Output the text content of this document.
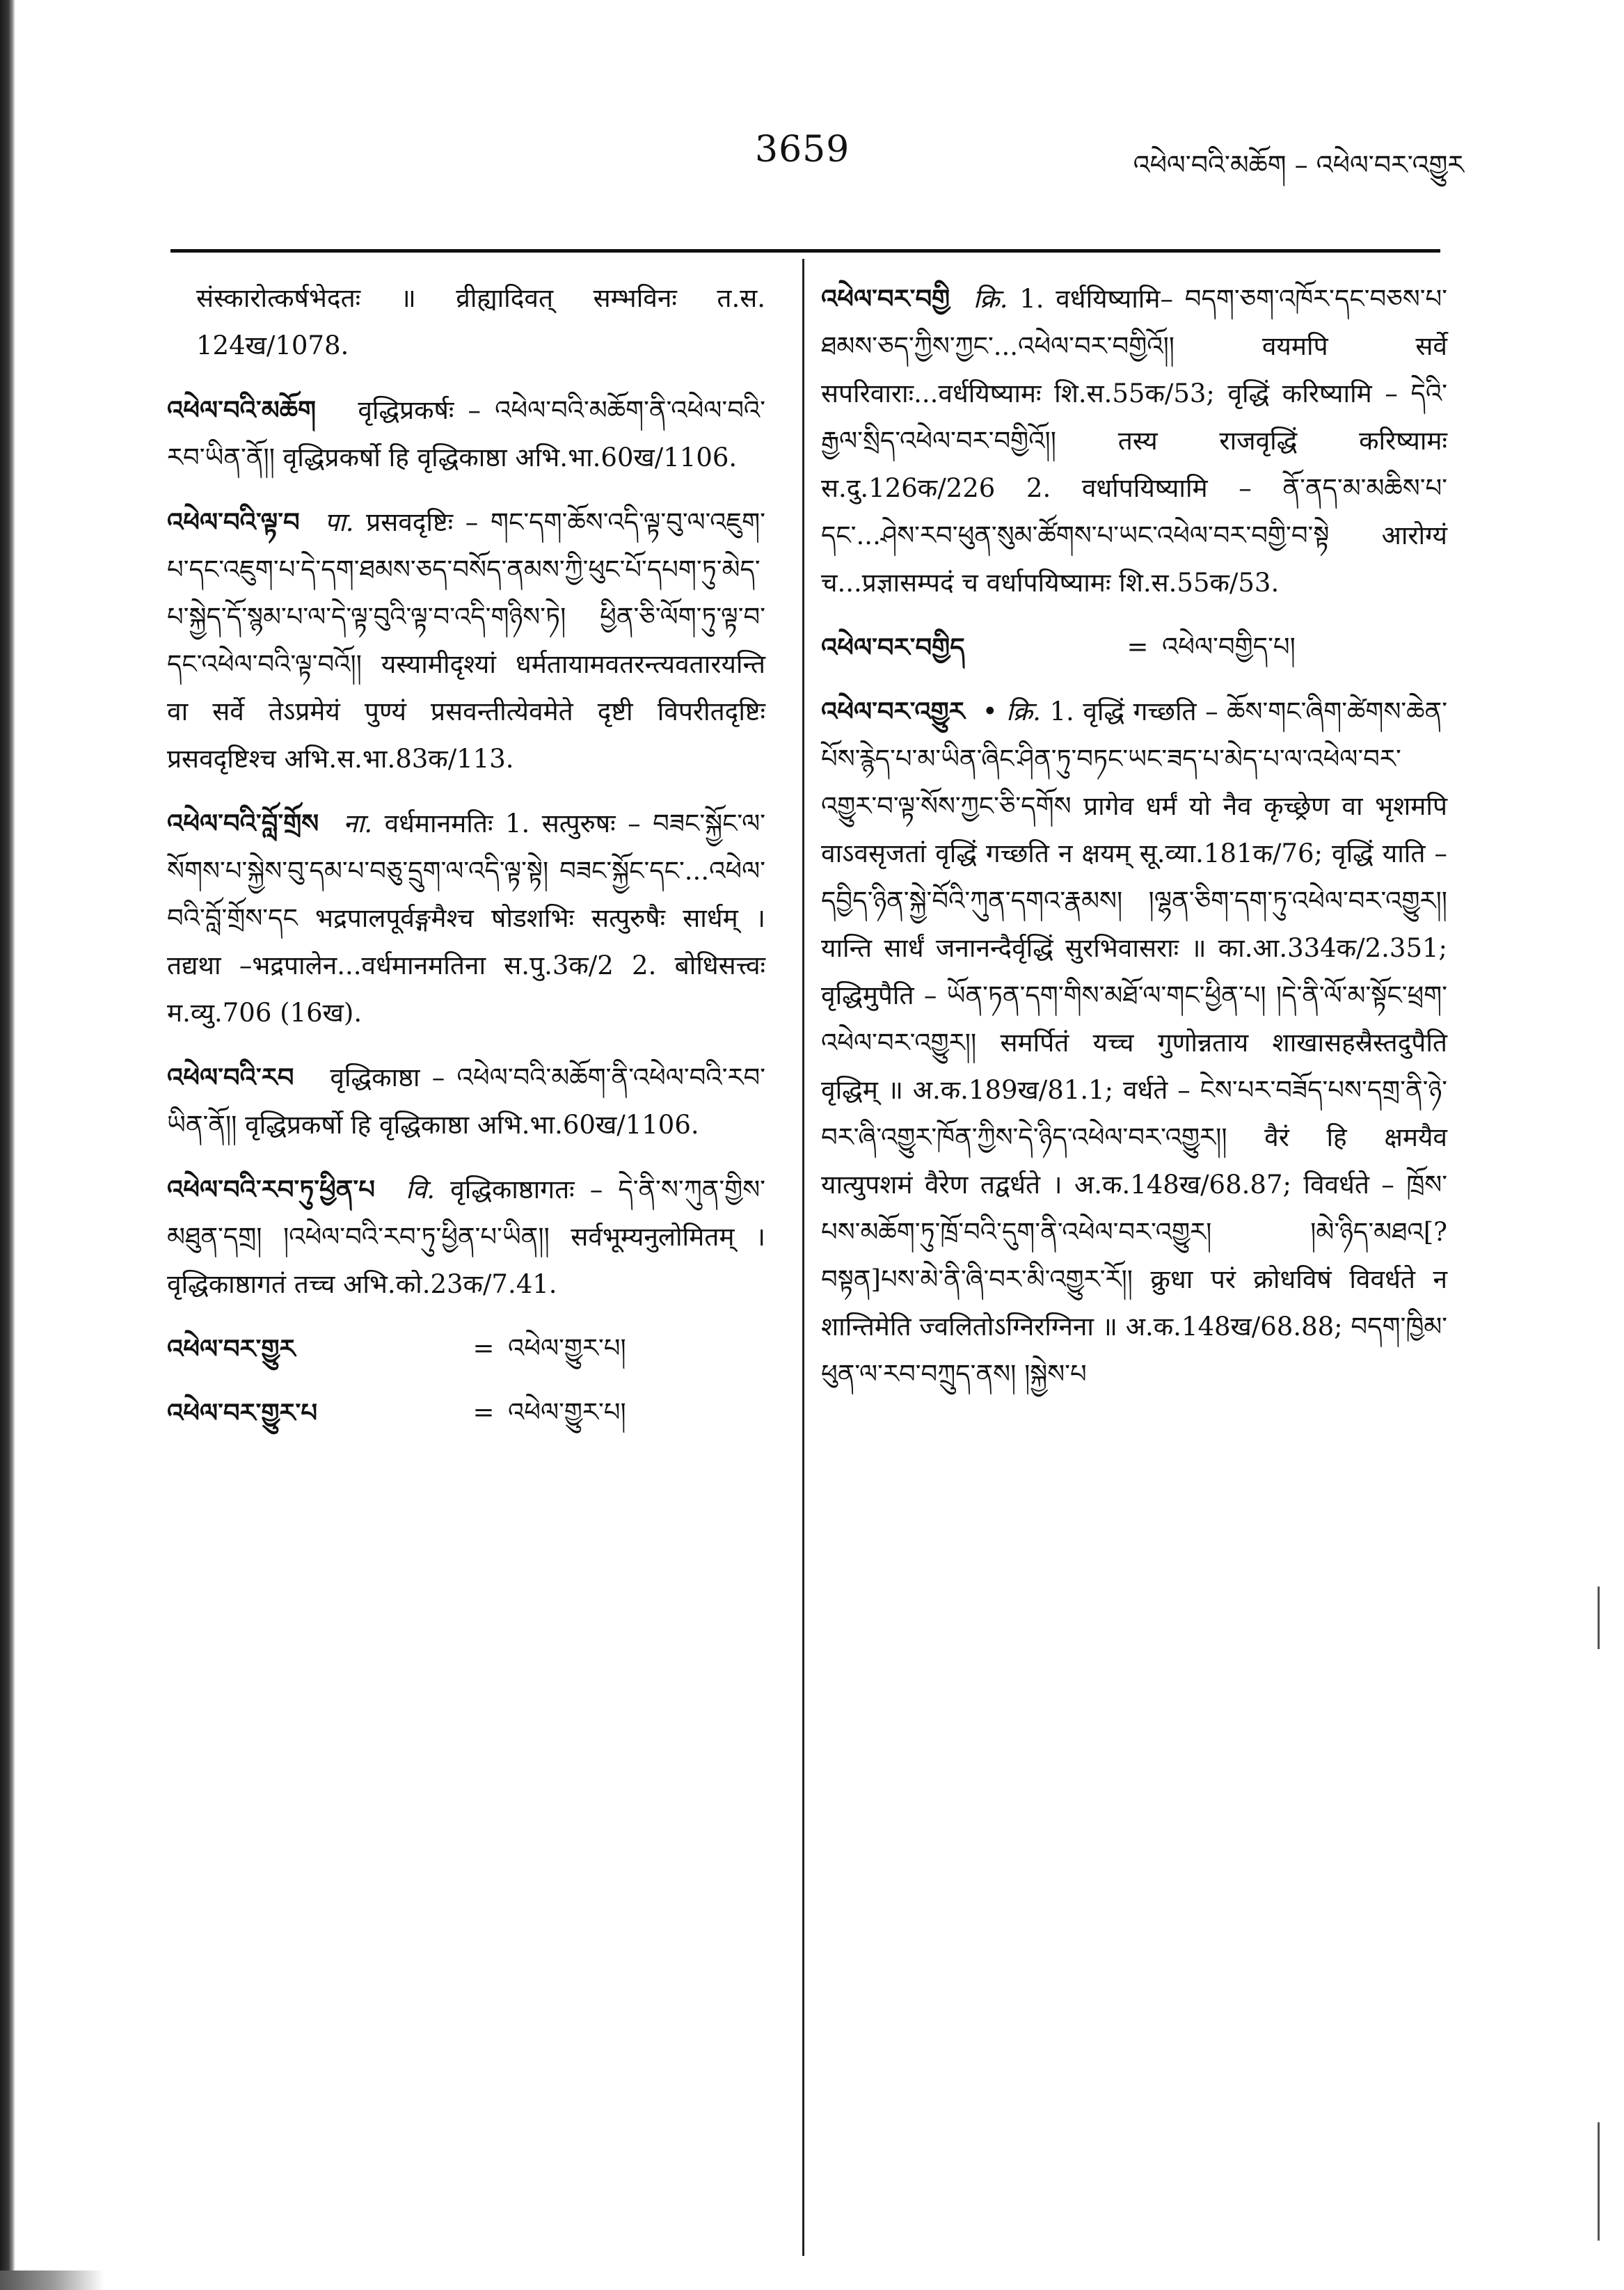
3659	འཕེལ་བའི་མཆོག – འཕེལ་བར་འགྱུར

संस्कारोत्कर्षभेदतः ॥ व्रीह्यादिवत् सम्भविनः त.स. 124ख/1078.

འཕེལ་བའི་མཆོག वृद्धिप्रकर्षः – འཕེལ་བའི་མཆོག་ནི་འཕེལ་བའི་རབ་ཡིན་ནོ།། वृद्धिप्रकर्षो हि वृद्धिकाष्ठा अभि.भा.60ख/1106.

འཕེལ་བའི་ལྟ་བ पा. प्रसवदृष्टिः – གང་དག་ཆོས་འདི་ལྟ་བུ་ལ་འཇུག་པ་དང་འཇུག་པ་དེ་དག་ཐམས་ཅད་བསོད་ནམས་ཀྱི་ཕུང་པོ་དཔག་ཏུ་མེད་པ་སྐྱེད་དོ་སྙམ་པ་ལ་དེ་ལྟ་བུའི་ལྟ་བ་འདི་གཉིས་ཏེ། ཕྱིན་ཅི་ལོག་ཏུ་ལྟ་བ་དང་འཕེལ་བའི་ལྟ་བའོ།། यस्यामीदृश्यां धर्मतायामवतरन्त्यवतारयन्ति वा सर्वे तेऽप्रमेयं पुण्यं प्रसवन्तीत्येवमेते दृष्टी विपरीतदृष्टिः प्रसवदृष्टिश्च अभि.स.भा.83क/113.

འཕེལ་བའི་བློ་གྲོས ना. वर्धमानमतिः 1. सत्पुरुषः – བཟང་སྐྱོང་ལ་སོགས་པ་སྐྱེས་བུ་དམ་པ་བཅུ་དྲུག་ལ་འདི་ལྟ་སྟེ། བཟང་སྐྱོང་དང་...འཕེལ་བའི་བློ་གྲོས་དང भद्रपालपूर्वङ्गमैश्च षोडशभिः सत्पुरुषैः सार्धम् । तद्यथा –भद्रपालेन...वर्धमानमतिना स.पु.3क/2 2. बोधिसत्त्वः म.व्यु.706 (16ख).

འཕེལ་བའི་རབ वृद्धिकाष्ठा – འཕེལ་བའི་མཆོག་ནི་འཕེལ་བའི་རབ་ཡིན་ནོ།། वृद्धिप्रकर्षो हि वृद्धिकाष्ठा अभि.भा.60ख/1106.

འཕེལ་བའི་རབ་ཏུ་ཕྱིན་པ वि. वृद्धिकाष्ठागतः – དེ་ནི་ས་ཀུན་གྱིས་མཐུན་དགྲ། །འཕེལ་བའི་རབ་ཏུ་ཕྱིན་པ་ཡིན།། सर्वभूम्यनुलोमितम् । वृद्धिकाष्ठागतं तच्च अभि.को.23क/7.41.

འཕེལ་བར་གྱུར	= འཕེལ་གྱུར་པ།
འཕེལ་བར་གྱུར་པ	= འཕེལ་གྱུར་པ།

འཕེལ་བར་བགྱི क्रि. 1. वर्धयिष्यामि– བདག་ཅག་འཁོར་དང་བཅས་པ་ཐམས་ཅད་ཀྱིས་ཀྱང་...འཕེལ་བར་བགྱིའོ།། वयमपि सर्वे सपरिवाराः...वर्धयिष्यामः शि.स.55क/53; वृद्धिं करिष्यामि – དེའི་རྒྱལ་སྲིད་འཕེལ་བར་བགྱིའོ།། तस्य राजवृद्धिं करिष्यामः स.दु.126क/226 2. वर्धापयिष्यामि – ནོ་ནད་མ་མཆིས་པ་དང་...ཤེས་རབ་ཕུན་སུམ་ཚོགས་པ་ཡང་འཕེལ་བར་བགྱི་བ་སྟེ आरोग्यं च...प्रज्ञासम्पदं च वर्धापयिष्यामः शि.स.55क/53.

འཕེལ་བར་བགྱིད	= འཕེལ་བགྱིད་པ།

འཕེལ་བར་འགྱུར • क्रि. 1. वृद्धिं गच्छति – ཆོས་གང་ཞིག་ཚེགས་ཆེན་པོས་རྙེད་པ་མ་ཡིན་ཞིང་ཤིན་ཏུ་བཏང་ཡང་ཟད་པ་མེད་པ་ལ་འཕེལ་བར་འགྱུར་བ་ལྟ་སོས་ཀྱང་ཅི་དགོས प्रागेव धर्मं यो नैव कृच्छ्रेण वा भृशमपि वाऽवसृजतां वृद्धिं गच्छति न क्षयम् सू.व्या.181क/76; वृद्धिं याति – དབྱིད་ཉིན་སྐྱེ་བོའི་ཀུན་དགའ་རྣམས། །ལྷན་ཅིག་དག་ཏུ་འཕེལ་བར་འགྱུར།། यान्ति सार्धं जनानन्दैर्वृद्धिं सुरभिवासराः ॥ का.आ.334क/2.351; वृद्धिमुपैति – ཡོན་ཏན་དག་གིས་མཐོ་ལ་གང་ཕྱིན་པ། །དེ་ནི་ལོ་མ་སྟོང་ཕྲག་འཕེལ་བར་འགྱུར།། समर्पितं यच्च गुणोन्नताय शाखासहस्रैस्तदुपैति वृद्धिम् ॥ अ.क.189ख/81.1; वर्धते – ངེས་པར་བཟོད་པས་དགྲ་ནི་ཉེ་བར་ཞི་འགྱུར་ཁོན་ཀྱིས་དེ་ཉིད་འཕེལ་བར་འགྱུར།། वैरं हि क्षमयैव यात्युपशमं वैरेण तद्वर्धते । अ.क.148ख/68.87; विवर्धते – ཁྲོས་པས་མཆོག་ཏུ་ཁྲོ་བའི་དུག་ནི་འཕེལ་བར་འགྱུར། །མེ་ཉིད་མཐའ[?བསྟན]པས་མེ་ནི་ཞི་བར་མི་འགྱུར་རོ།། क्रुधा परं क्रोधविषं विवर्धते न शान्तिमेति ज्वलितोऽग्निरग्निना ॥ अ.क.148ख/68.88; བདག་ཁྱིམ་ཕུན་ལ་རབ་བཀྲུད་ནས། །སྐྱེས་པ
